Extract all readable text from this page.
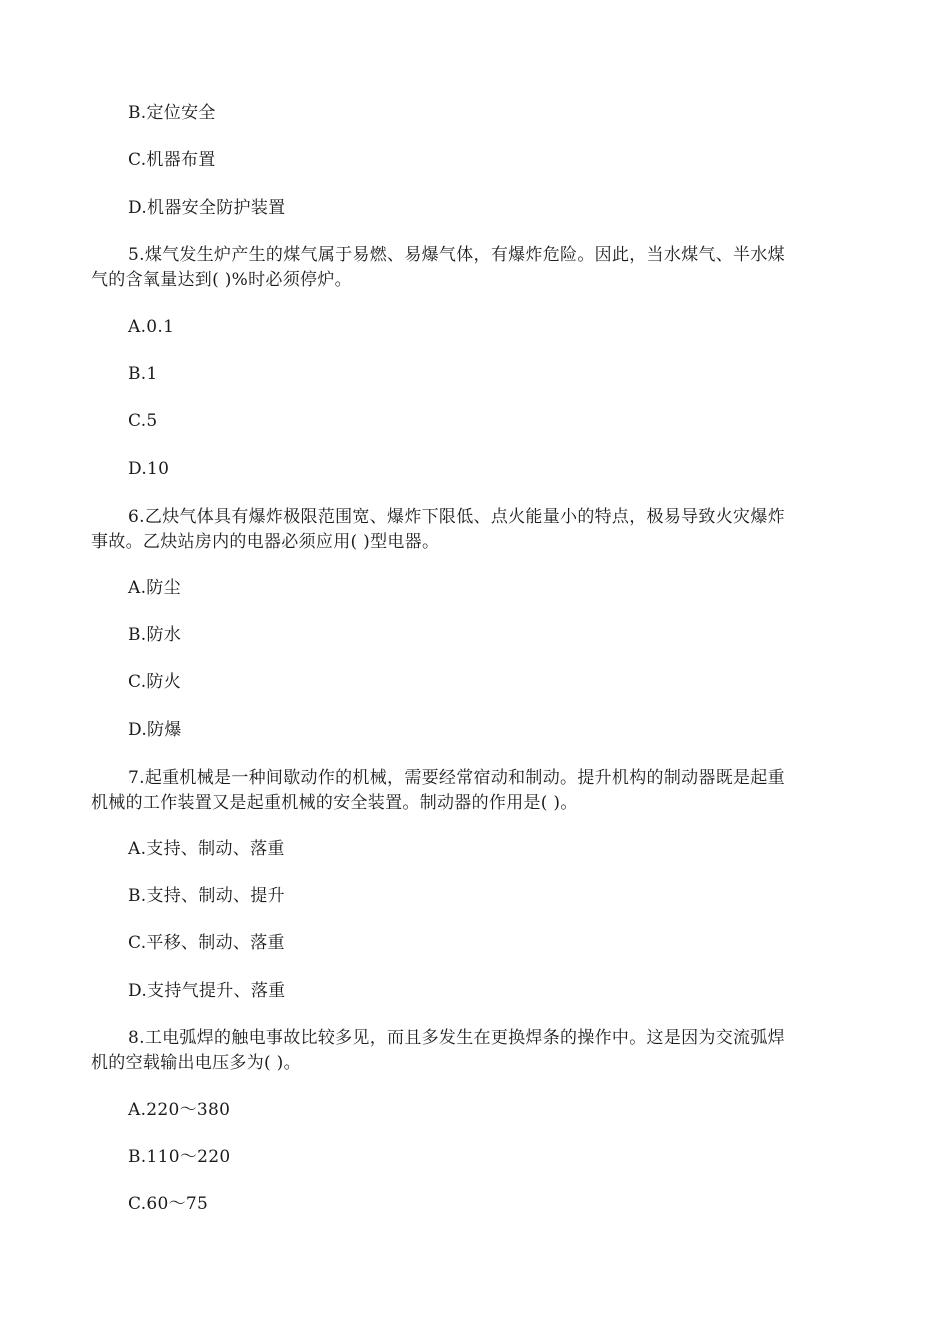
B.定位安全
C.机器布置
D.机器安全防护装置
5.煤气发生炉产生的煤气属于易燃、易爆气体，有爆炸危险。因此，当水煤气、半水煤
气的含氧量达到( )%时必须停炉。
A.0.1
B.1
C.5
D.10
6.乙炔气体具有爆炸极限范围宽、爆炸下限低、点火能量小的特点，极易导致火灾爆炸
事故。乙炔站房内的电器必须应用( )型电器。
A.防尘
B.防水
C.防火
D.防爆
7.起重机械是一种间歇动作的机械，需要经常宿动和制动。提升机构的制动器既是起重
机械的工作装置又是起重机械的安全装置。制动器的作用是( )。
A.支持、制动、落重
B.支持、制动、提升
C.平移、制动、落重
D.支持气提升、落重
8.工电弧焊的触电事故比较多见，而且多发生在更换焊条的操作中。这是因为交流弧焊
机的空载输出电压多为( )。
A.220～380
B.110～220
C.60～75
